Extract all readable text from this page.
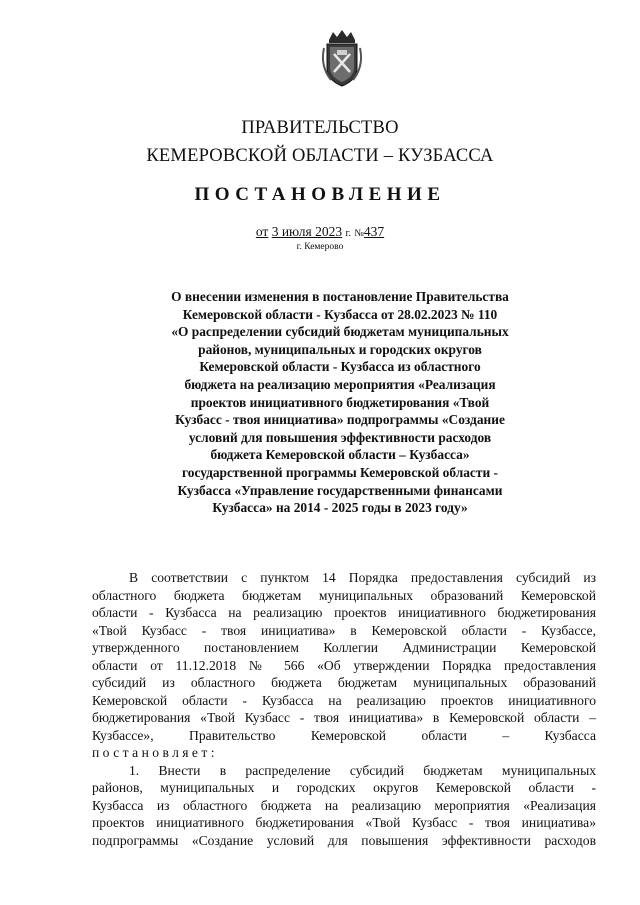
ПРАВИТЕЛЬСТВО
КЕМЕРОВСКОЙ ОБЛАСТИ – КУЗБАССА
ПОСТАНОВЛЕНИЕ
от 3 июля 2023 г. №437
г. Кемерово
О внесении изменения в постановление Правительства
Кемеровской области - Кузбасса от 28.02.2023 № 110
«О распределении субсидий бюджетам муниципальных
районов, муниципальных и городских округов
Кемеровской области - Кузбасса из областного
бюджета на реализацию мероприятия «Реализация
проектов инициативного бюджетирования «Твой
Кузбасс - твоя инициатива» подпрограммы «Создание
условий для повышения эффективности расходов
бюджета Кемеровской области – Кузбасса»
государственной программы Кемеровской области -
Кузбасса «Управление государственными финансами
Кузбасса» на 2014 - 2025 годы в 2023 году»
В соответствии с пунктом 14 Порядка предоставления субсидий из
областного бюджета бюджетам муниципальных образований Кемеровской
области - Кузбасса на реализацию проектов инициативного бюджетирования
«Твой Кузбасс - твоя инициатива» в Кемеровской области - Кузбассе,
утвержденного постановлением Коллегии Администрации Кемеровской
области от 11.12.2018 № 566 «Об утверждении Порядка предоставления
субсидий из областного бюджета бюджетам муниципальных образований
Кемеровской области - Кузбасса на реализацию проектов инициативного
бюджетирования «Твой Кузбасс - твоя инициатива» в Кемеровской области –
Кузбассе», Правительство Кемеровской области – Кузбасса
постановляет:
1. Внести в распределение субсидий бюджетам муниципальных
районов, муниципальных и городских округов Кемеровской области -
Кузбасса из областного бюджета на реализацию мероприятия «Реализация
проектов инициативного бюджетирования «Твой Кузбасс - твоя инициатива»
подпрограммы «Создание условий для повышения эффективности расходов
